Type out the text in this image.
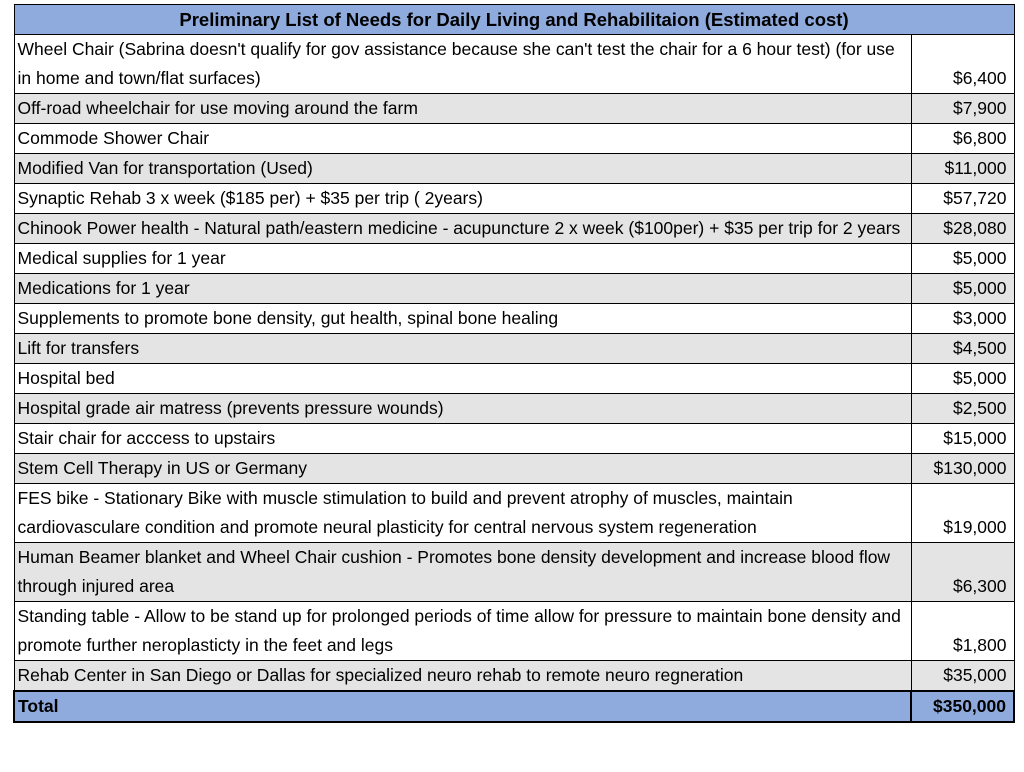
Preliminary List of Needs for Daily Living and Rehabilitaion (Estimated cost)	
Wheel Chair (Sabrina doesn't qualify for gov assistance because she can't test the chair for a 6 hour test) (for use in home and town/flat surfaces)	$6,400
Off-road wheelchair for use moving around the farm	$7,900
Commode Shower Chair	$6,800
Modified Van for transportation (Used)	$11,000
Synaptic Rehab 3 x week ($185 per) + $35 per trip ( 2years)	$57,720
Chinook Power health - Natural path/eastern medicine - acupuncture 2 x week ($100per) + $35 per trip for 2 years	$28,080
Medical supplies for 1 year	$5,000
Medications for 1 year	$5,000
Supplements to promote bone density, gut health, spinal bone healing	$3,000
Lift for transfers	$4,500
Hospital bed	$5,000
Hospital grade air matress (prevents pressure wounds)	$2,500
Stair chair for acccess to upstairs	$15,000
Stem Cell Therapy in US or Germany	$130,000
FES bike - Stationary Bike with muscle stimulation to build and prevent atrophy of muscles, maintain cardiovasculare condition and promote neural plasticity for central nervous system regeneration	$19,000
Human Beamer blanket and Wheel Chair cushion - Promotes bone density development and increase blood flow through injured area	$6,300
Standing table - Allow to be stand up for prolonged periods of time allow for pressure to maintain bone density and promote further neroplasticty in the feet and legs	$1,800
Rehab Center in San Diego or Dallas for specialized neuro rehab to remote neuro regneration	$35,000
Total	$350,000
